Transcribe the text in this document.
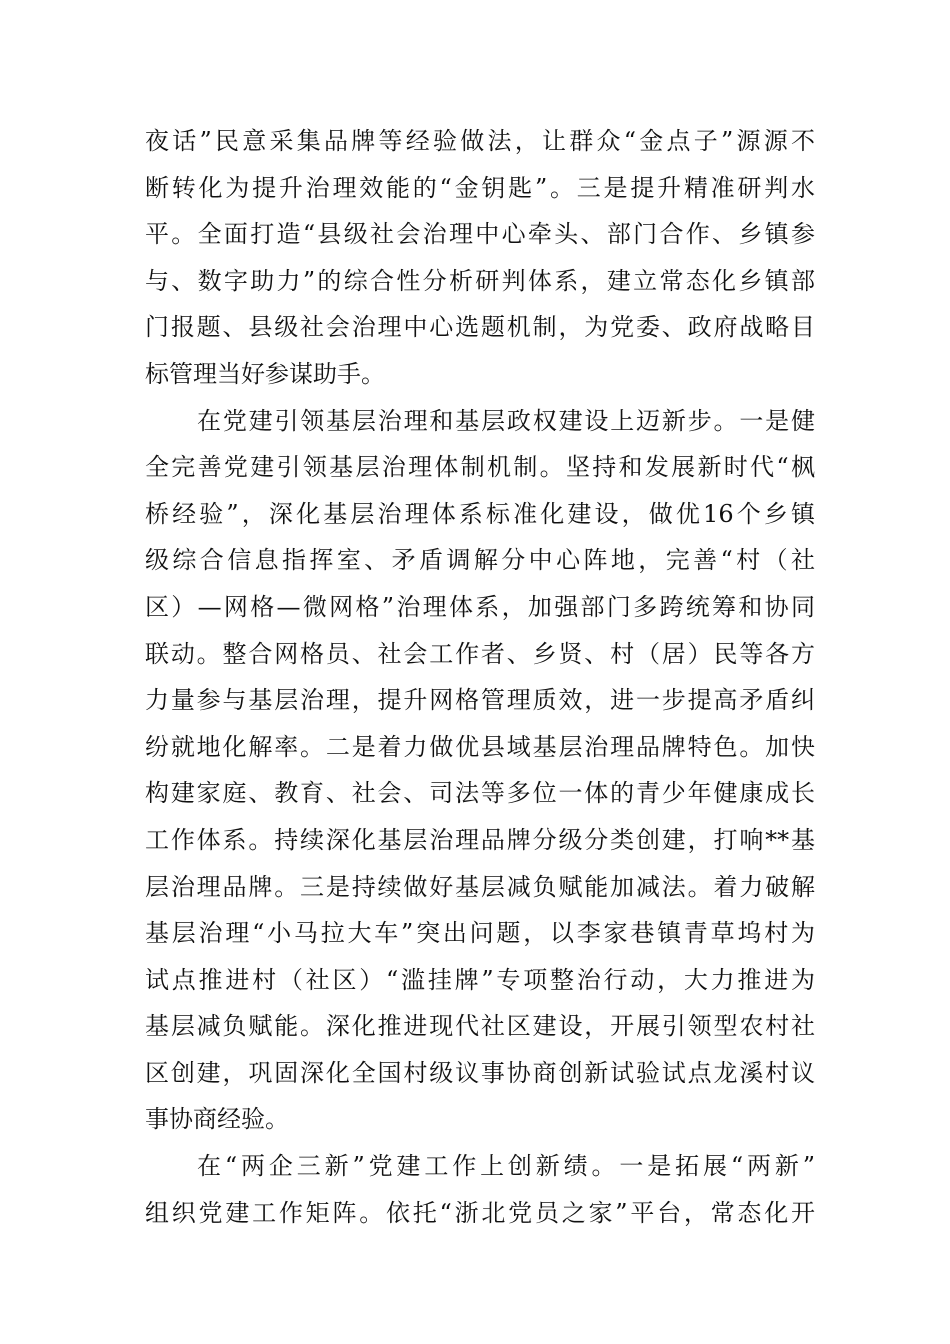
夜话”民意采集品牌等经验做法，让群众“金点子”源源不
断转化为提升治理效能的“金钥匙”。三是提升精准研判水
平。全面打造“县级社会治理中心牵头、部门合作、乡镇参
与、数字助力”的综合性分析研判体系，建立常态化乡镇部
门报题、县级社会治理中心选题机制，为党委、政府战略目
标管理当好参谋助手。
在党建引领基层治理和基层政权建设上迈新步。一是健
全完善党建引领基层治理体制机制。坚持和发展新时代“枫
桥经验”，深化基层治理体系标准化建设，做优16个乡镇
级综合信息指挥室、矛盾调解分中心阵地，完善“村（社
区）—网格—微网格”治理体系，加强部门多跨统筹和协同
联动。整合网格员、社会工作者、乡贤、村（居）民等各方
力量参与基层治理，提升网格管理质效，进一步提高矛盾纠
纷就地化解率。二是着力做优县域基层治理品牌特色。加快
构建家庭、教育、社会、司法等多位一体的青少年健康成长
工作体系。持续深化基层治理品牌分级分类创建，打响**基
层治理品牌。三是持续做好基层减负赋能加减法。着力破解
基层治理“小马拉大车”突出问题，以李家巷镇青草坞村为
试点推进村（社区）“滥挂牌”专项整治行动，大力推进为
基层减负赋能。深化推进现代社区建设，开展引领型农村社
区创建，巩固深化全国村级议事协商创新试验试点龙溪村议
事协商经验。
在“两企三新”党建工作上创新绩。一是拓展“两新”
组织党建工作矩阵。依托“浙北党员之家”平台，常态化开
